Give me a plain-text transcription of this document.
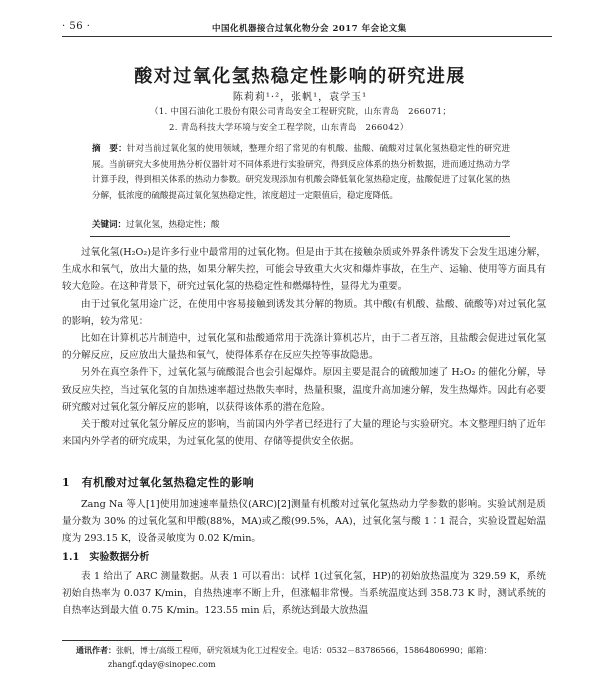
· 56 ·	中国化机器接合过氧化物分会 2017 年会论文集
酸对过氧化氢热稳定性影响的研究进展
陈莉莉¹·²，张帆¹，袁学玉¹
（1. 中国石油化工股份有限公司青岛安全工程研究院，山东青岛　266071；
2. 青岛科技大学环境与安全工程学院，山东青岛　266042）
摘　要：针对当前过氧化氢的使用领域，整理介绍了常见的有机酸、盐酸、硫酸对过氧化氢热稳定性的研究进展。当前研究大多使用热分析仪器针对不同体系进行实验研究，得到反应体系的热分析数据，进而通过热动力学计算手段，得到相关体系的热动力参数。研究发现添加有机酸会降低氧化氢热稳定度，盐酸促进了过氧化氢的热分解，低浓度的硫酸提高过氧化氢热稳定性，浓度超过一定限值后，稳定度降低。
关键词：过氧化氢，热稳定性；酸

过氧化氢(H₂O₂)是许多行业中最常用的过氧化物。但是由于其在接触杂质或外界条件诱发下会发生迅速分解，生成水和氧气，放出大量的热，如果分解失控，可能会导致重大火灾和爆炸事故，在生产、运输、使用等方面具有较大危险。在这种背景下，研究过氧化氢的热稳定性和燃爆特性，显得尤为重要。

由于过氧化氢用途广泛，在使用中容易接触到诱发其分解的物质。其中酸(有机酸、盐酸、硫酸等)对过氧化氢的影响，较为常见：

比如在计算机芯片制造中，过氧化氢和盐酸通常用于洗涤计算机芯片，由于二者互溶，且盐酸会促进过氧化氢的分解反应，反应放出大量热和氧气，使得体系存在反应失控等事故隐患。

另外在真空条件下，过氧化氢与硫酸混合也会引起爆炸。原因主要是混合的硫酸加速了 H₂O₂ 的催化分解，导致反应失控，当过氧化氢的自加热速率超过热散失率时，热量积聚，温度升高加速分解，发生热爆炸。因此有必要研究酸对过氧化氢分解反应的影响，以获得该体系的潜在危险。

关于酸对过氧化氢分解反应的影响，当前国内外学者已经进行了大量的理论与实验研究。本文整理归纳了近年来国内外学者的研究成果，为过氧化氢的使用、存储等提供安全依据。

1　有机酸对过氧化氢热稳定性的影响

Zang Na 等人[1]使用加速速率量热仪(ARC)[2]测量有机酸对过氧化氢热动力学参数的影响。实验试剂是质量分数为 30% 的过氧化氢和甲酸(88%，MA)或乙酸(99.5%，AA)，过氧化氢与酸 1∶1 混合，实验设置起始温度为 293.15 K，设备灵敏度为 0.02 K/min。

1.1　实验数据分析

表 1 给出了 ARC 测量数据。从表 1 可以看出：试样 1(过氧化氢，HP)的初始放热温度为 329.59 K，系统初始自热率为 0.037 K/min，自热热速率不断上升，但涨幅非常慢。当系统温度达到 358.73 K 时，测试系统的自热率达到最大值 0.75 K/min。123.55 min 后，系统达到最大放热温

通讯作者：张帆，博士/高级工程师，研究领域为化工过程安全。电话：0532－83786566，15864806990；邮箱：
zhangf.qday@sinopec.com
